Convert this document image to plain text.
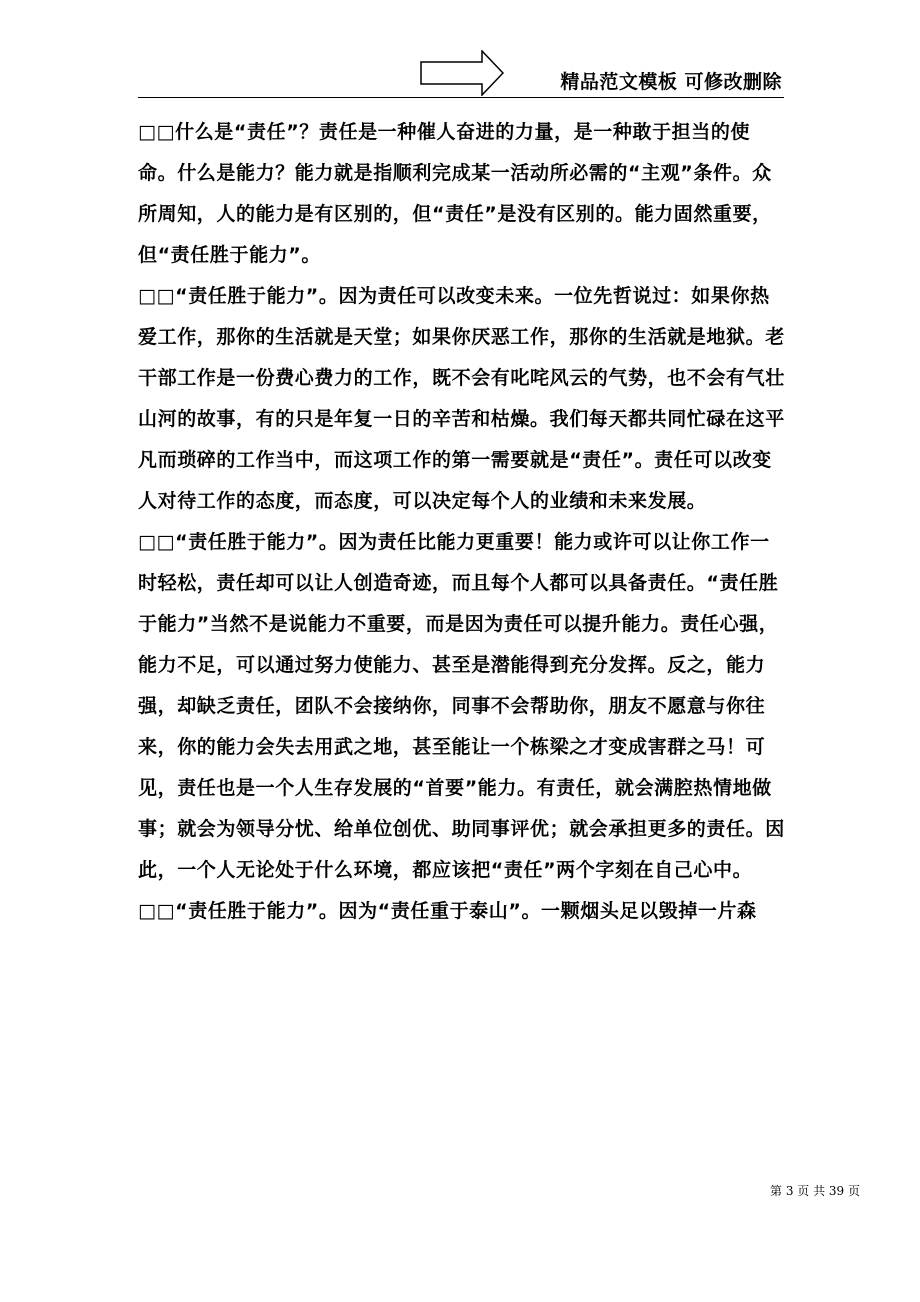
精品范文模板 可修改删除

□□什么是“责任”？责任是一种催人奋进的力量，是一种敢于担当的使命。什么是能力？能力就是指顺利完成某一活动所必需的“主观”条件。众所周知，人的能力是有区别的，但“责任”是没有区别的。能力固然重要，但“责任胜于能力”。

□□“责任胜于能力”。因为责任可以改变未来。一位先哲说过：如果你热爱工作，那你的生活就是天堂；如果你厌恶工作，那你的生活就是地狱。老干部工作是一份费心费力的工作，既不会有叱咤风云的气势，也不会有气壮山河的故事，有的只是年复一日的辛苦和枯燥。我们每天都共同忙碌在这平凡而琐碎的工作当中，而这项工作的第一需要就是“责任”。责任可以改变人对待工作的态度，而态度，可以决定每个人的业绩和未来发展。

□□“责任胜于能力”。因为责任比能力更重要！能力或许可以让你工作一时轻松，责任却可以让人创造奇迹，而且每个人都可以具备责任。“责任胜于能力”当然不是说能力不重要，而是因为责任可以提升能力。责任心强，能力不足，可以通过努力使能力、甚至是潜能得到充分发挥。反之，能力强，却缺乏责任，团队不会接纳你，同事不会帮助你，朋友不愿意与你往来，你的能力会失去用武之地，甚至能让一个栋梁之才变成害群之马！可见，责任也是一个人生存发展的“首要”能力。有责任，就会满腔热情地做事；就会为领导分忧、给单位创优、助同事评优；就会承担更多的责任。因此，一个人无论处于什么环境，都应该把“责任”两个字刻在自己心中。

□□“责任胜于能力”。因为“责任重于泰山”。一颗烟头足以毁掉一片森

第 3 页 共 39 页
